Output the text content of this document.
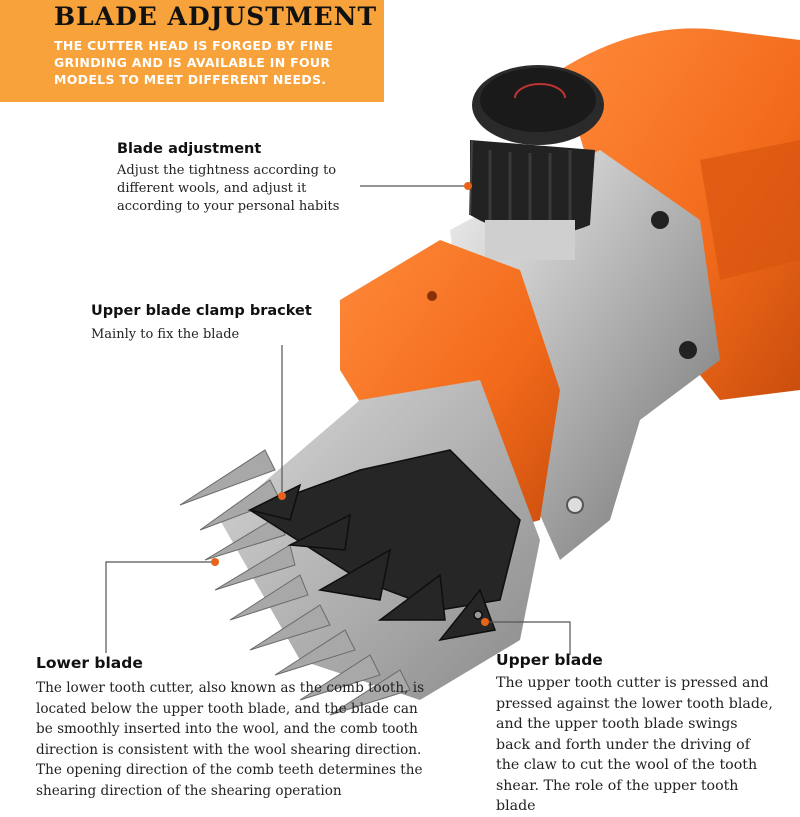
BLADE ADJUSTMENT

THE CUTTER HEAD IS FORGED BY FINE GRINDING AND IS AVAILABLE IN FOUR MODELS TO MEET DIFFERENT NEEDS.

Blade adjustment

Adjust the tightness according to different wools, and adjust it according to your personal habits

Upper blade clamp bracket

Mainly to fix the blade

Lower blade

The lower tooth cutter, also known as the comb tooth, is located below the upper tooth blade, and the blade can be smoothly inserted into the wool, and the comb tooth direction is consistent with the wool shearing direction. The opening direction of the comb teeth determines the shearing direction of the shearing operation

Upper blade

The upper tooth cutter is pressed and pressed against the lower tooth blade, and the upper tooth blade swings back and forth under the driving of the claw to cut the wool of the tooth shear. The role of the upper tooth blade
